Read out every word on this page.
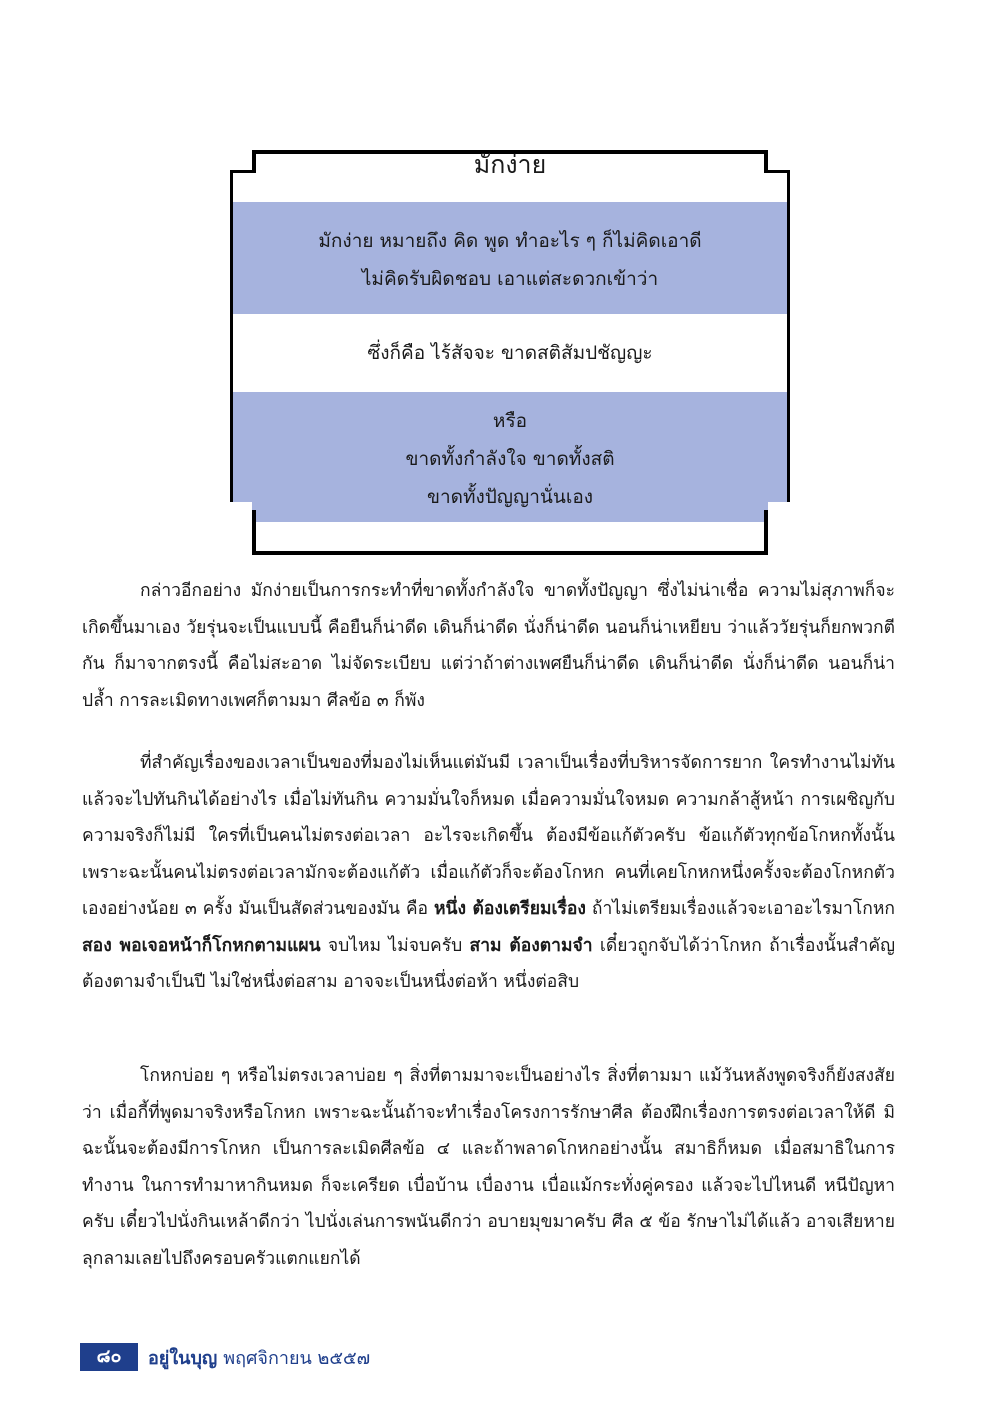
มักง่าย
มักง่าย หมายถึง คิด พูด ทำอะไร ๆ ก็ไม่คิดเอาดี
ไม่คิดรับผิดชอบ เอาแต่สะดวกเข้าว่า
ซึ่งก็คือ ไร้สัจจะ ขาดสติสัมปชัญญะ
หรือ
ขาดทั้งกำลังใจ ขาดทั้งสติ
ขาดทั้งปัญญานั่นเอง

กล่าวอีกอย่าง มักง่ายเป็นการกระทำที่ขาดทั้งกำลังใจ ขาดทั้งปัญญา ซึ่งไม่น่าเชื่อ ความไม่สุภาพก็จะเกิดขึ้นมาเอง วัยรุ่นจะเป็นแบบนี้ คือยืนก็น่าดีด เดินก็น่าดีด นั่งก็น่าดีด นอนก็น่าเหยียบ ว่าแล้ววัยรุ่นก็ยกพวกตีกัน ก็มาจากตรงนี้ คือไม่สะอาด ไม่จัดระเบียบ แต่ว่าถ้าต่างเพศยืนก็น่าดีด เดินก็น่าดีด นั่งก็น่าดีด นอนก็น่าปล้ำ การละเมิดทางเพศก็ตามมา ศีลข้อ ๓ ก็พัง

ที่สำคัญเรื่องของเวลาเป็นของที่มองไม่เห็นแต่มันมี เวลาเป็นเรื่องที่บริหารจัดการยาก ใครทำงานไม่ทันแล้วจะไปทันกินได้อย่างไร เมื่อไม่ทันกิน ความมั่นใจก็หมด เมื่อความมั่นใจหมด ความกล้าสู้หน้า การเผชิญกับความจริงก็ไม่มี ใครที่เป็นคนไม่ตรงต่อเวลา อะไรจะเกิดขึ้น ต้องมีข้อแก้ตัวครับ ข้อแก้ตัวทุกข้อโกหกทั้งนั้น เพราะฉะนั้นคนไม่ตรงต่อเวลามักจะต้องแก้ตัว เมื่อแก้ตัวก็จะต้องโกหก คนที่เคยโกหกหนึ่งครั้งจะต้องโกหกตัวเองอย่างน้อย ๓ ครั้ง มันเป็นสัดส่วนของมัน คือ หนึ่ง ต้องเตรียมเรื่อง ถ้าไม่เตรียมเรื่องแล้วจะเอาอะไรมาโกหก สอง พอเจอหน้าก็โกหกตามแผน จบไหม ไม่จบครับ สาม ต้องตามจำ เดี๋ยวถูกจับได้ว่าโกหก ถ้าเรื่องนั้นสำคัญต้องตามจำเป็นปี ไม่ใช่หนึ่งต่อสาม อาจจะเป็นหนึ่งต่อห้า หนึ่งต่อสิบ

โกหกบ่อย ๆ หรือไม่ตรงเวลาบ่อย ๆ สิ่งที่ตามมาจะเป็นอย่างไร สิ่งที่ตามมา แม้วันหลังพูดจริงก็ยังสงสัยว่า เมื่อกี้ที่พูดมาจริงหรือโกหก เพราะฉะนั้นถ้าจะทำเรื่องโครงการรักษาศีล ต้องฝึกเรื่องการตรงต่อเวลาให้ดี มิฉะนั้นจะต้องมีการโกหก เป็นการละเมิดศีลข้อ ๔ และถ้าพลาดโกหกอย่างนั้น สมาธิก็หมด เมื่อสมาธิในการทำงาน ในการทำมาหากินหมด ก็จะเครียด เบื่อบ้าน เบื่องาน เบื่อแม้กระทั่งคู่ครอง แล้วจะไปไหนดี หนีปัญหาครับ เดี๋ยวไปนั่งกินเหล้าดีกว่า ไปนั่งเล่นการพนันดีกว่า อบายมุขมาครับ ศีล ๕ ข้อ รักษาไม่ได้แล้ว อาจเสียหายลุกลามเลยไปถึงครอบครัวแตกแยกได้

๘๐	อยู่ในบุญ พฤศจิกายน ๒๕๕๗
